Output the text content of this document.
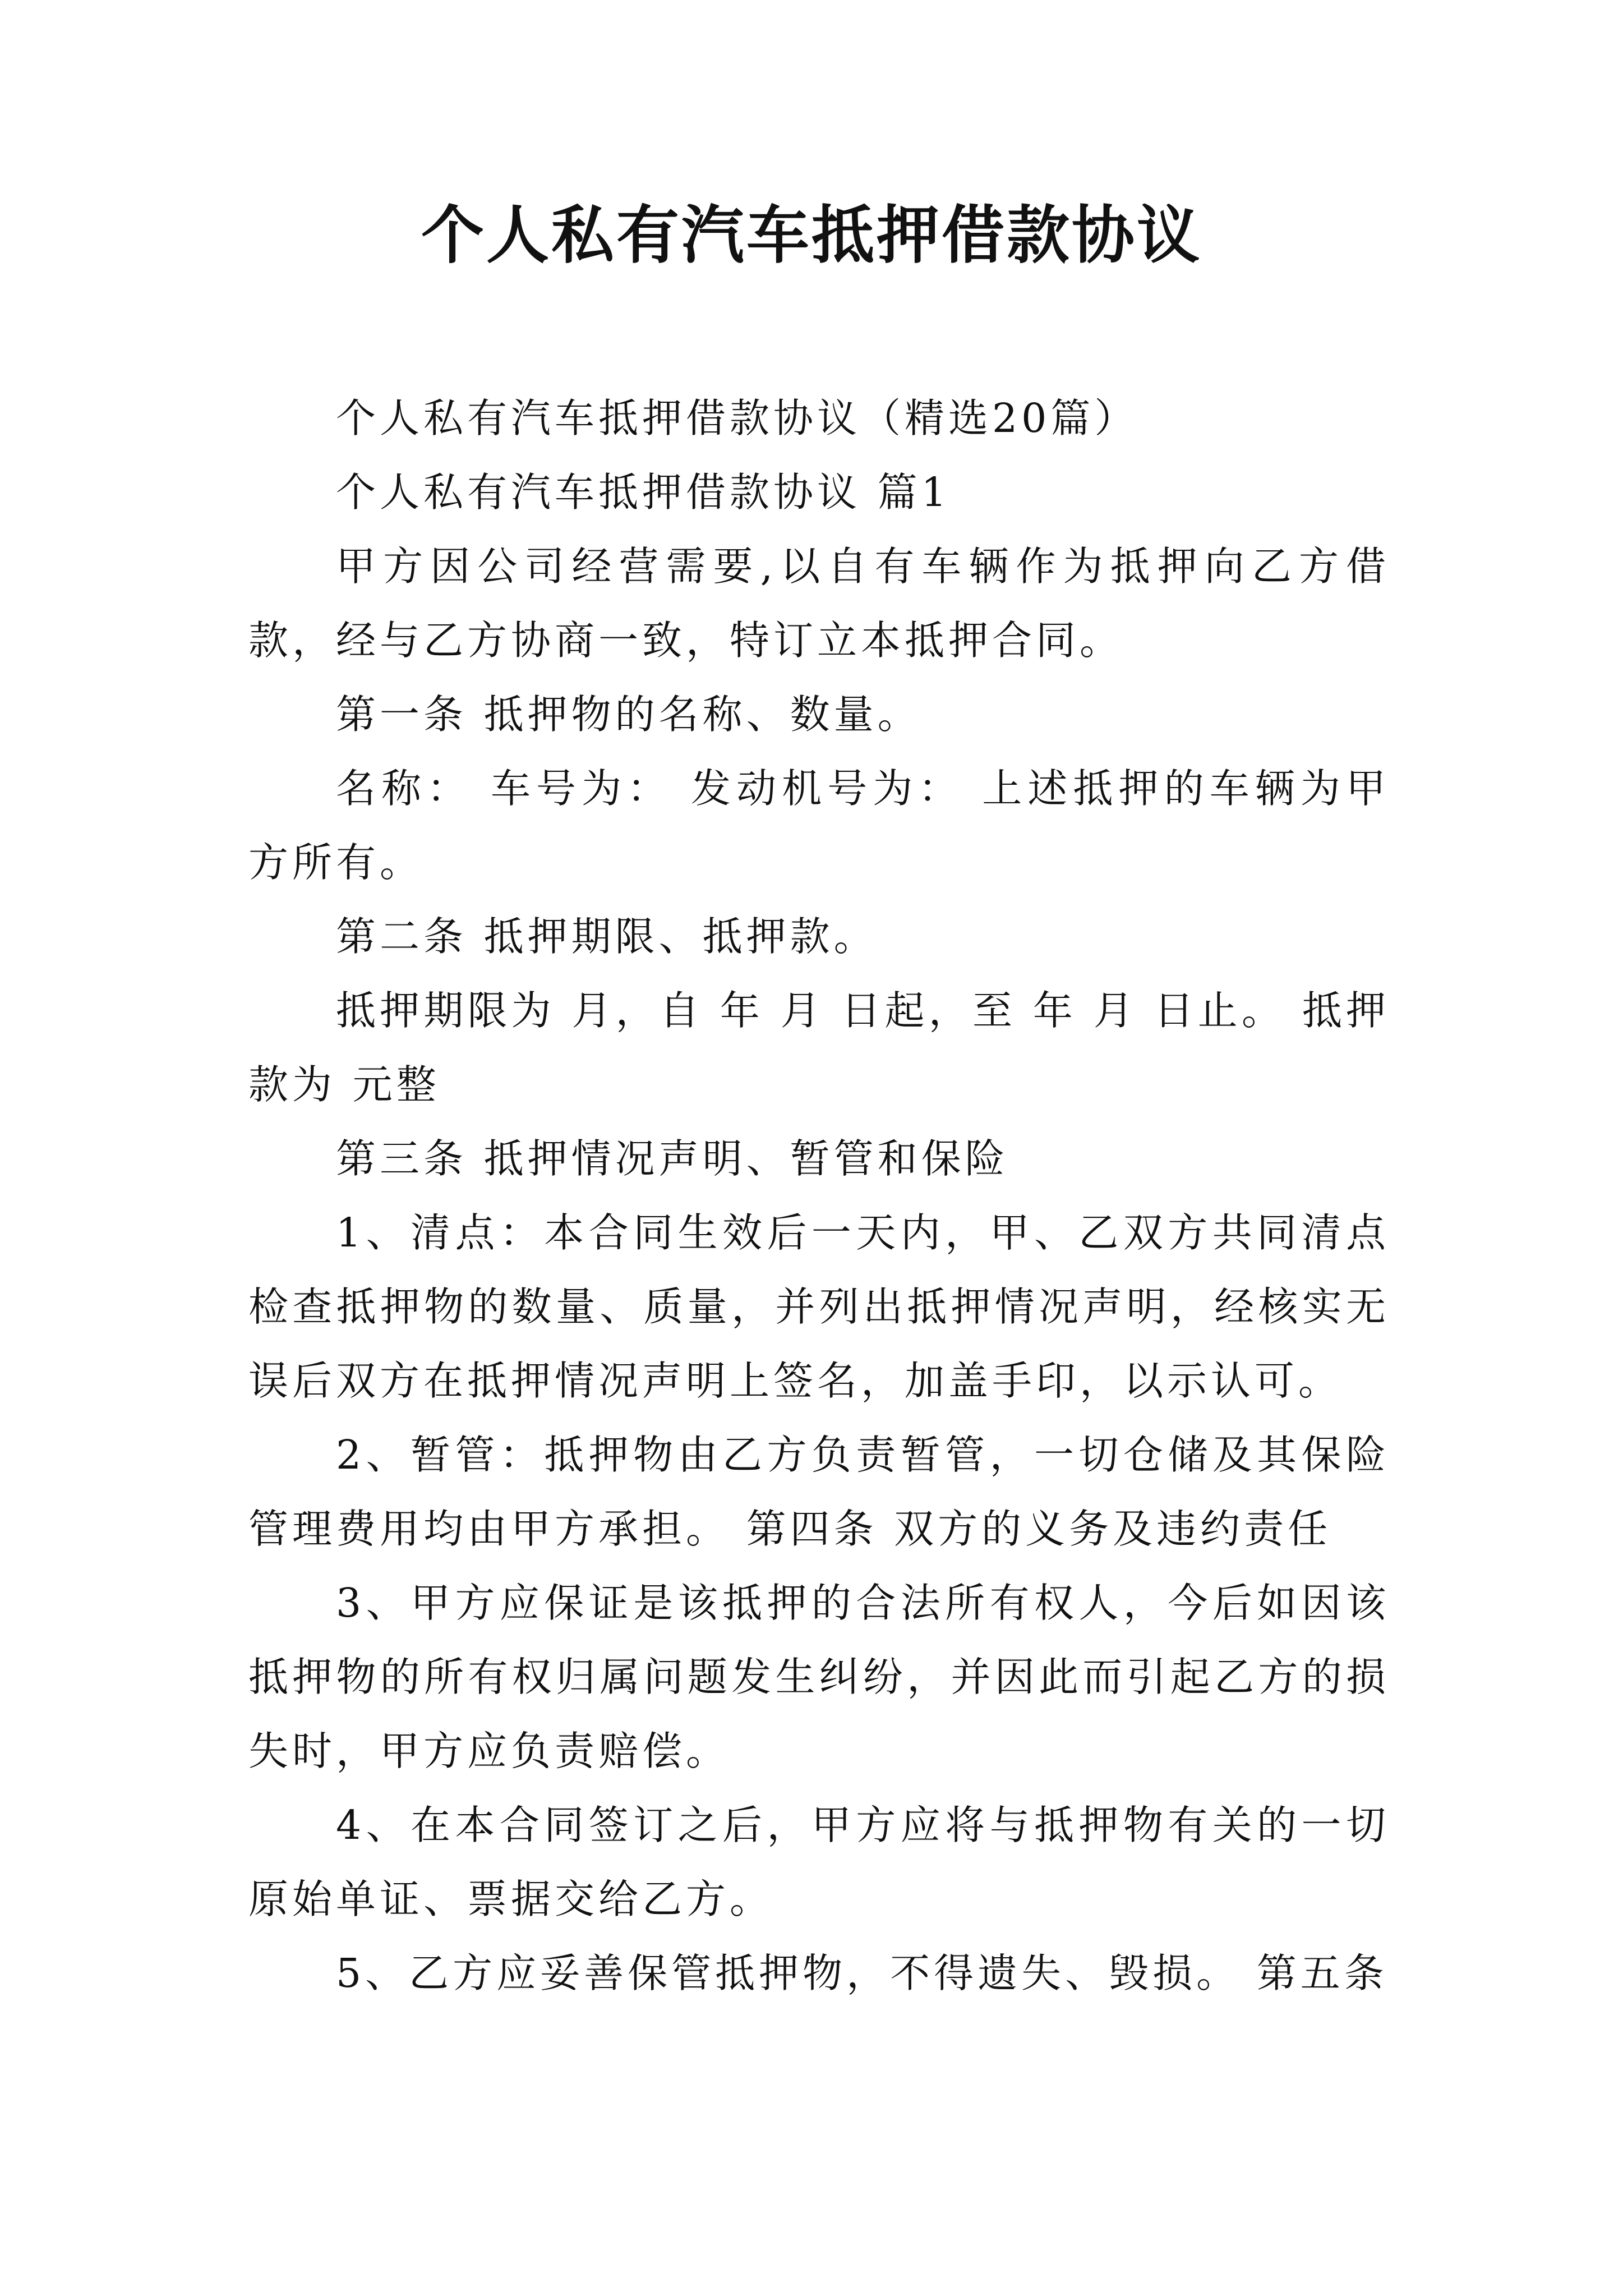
个人私有汽车抵押借款协议

个人私有汽车抵押借款协议（精选20篇）

个人私有汽车抵押借款协议 篇1

甲方因公司经营需要,以自有车辆作为抵押向乙方借款，经与乙方协商一致，特订立本抵押合同。

第一条 抵押物的名称、数量。

名称： 车号为： 发动机号为： 上述抵押的车辆为甲方所有。

第二条 抵押期限、抵押款。

抵押期限为 月，自 年 月 日起，至 年 月 日止。 抵押款为 元整

第三条 抵押情况声明、暂管和保险

1、清点：本合同生效后一天内，甲、乙双方共同清点检查抵押物的数量、质量，并列出抵押情况声明，经核实无误后双方在抵押情况声明上签名，加盖手印，以示认可。

2、暂管：抵押物由乙方负责暂管，一切仓储及其保险管理费用均由甲方承担。 第四条 双方的义务及违约责任

3、甲方应保证是该抵押的合法所有权人，今后如因该抵押物的所有权归属问题发生纠纷，并因此而引起乙方的损失时，甲方应负责赔偿。

4、在本合同签订之后，甲方应将与抵押物有关的一切原始单证、票据交给乙方。

5、乙方应妥善保管抵押物，不得遗失、毁损。 第五条
